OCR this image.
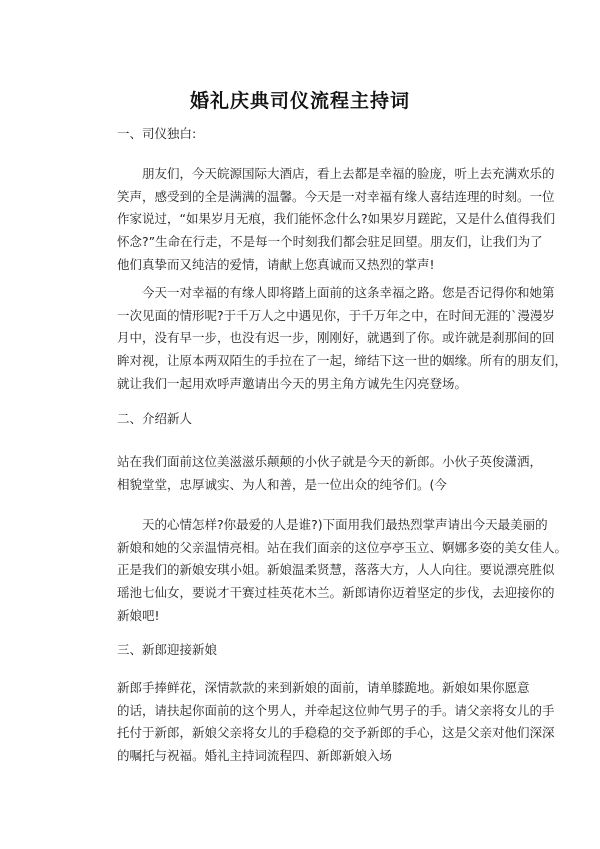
婚礼庆典司仪流程主持词
一、司仪独白:
朋友们，今天皖源国际大酒店，看上去都是幸福的脸庞，听上去充满欢乐的
笑声，感受到的全是满满的温馨。今天是一对幸福有缘人喜结连理的时刻。一位
作家说过，“如果岁月无痕，我们能怀念什么?如果岁月蹉跎，又是什么值得我们
怀念?”生命在行走，不是每一个时刻我们都会驻足回望。朋友们，让我们为了
他们真挚而又纯洁的爱情，请献上您真诚而又热烈的掌声!
今天一对幸福的有缘人即将踏上面前的这条幸福之路。您是否记得你和她第
一次见面的情形呢?于千万人之中遇见你，于千万年之中，在时间无涯的`漫漫岁
月中，没有早一步，也没有迟一步，刚刚好，就遇到了你。或许就是刹那间的回
眸对视，让原本两双陌生的手拉在了一起，缔结下这一世的姻缘。所有的朋友们，
就让我们一起用欢呼声邀请出今天的男主角方诚先生闪亮登场。
二、介绍新人
站在我们面前这位美滋滋乐颠颠的小伙子就是今天的新郎。小伙子英俊潇洒，
相貌堂堂，忠厚诚实、为人和善，是一位出众的纯爷们。(今
天的心情怎样?你最爱的人是谁?)下面用我们最热烈掌声请出今天最美丽的
新娘和她的父亲温情亮相。站在我们面亲的这位亭亭玉立、婀娜多姿的美女佳人。
正是我们的新娘安琪小姐。新娘温柔贤慧，落落大方，人人向往。要说漂亮胜似
瑶池七仙女，要说才干赛过桂英花木兰。新郎请你迈着坚定的步伐，去迎接你的
新娘吧!
三、新郎迎接新娘
新郎手捧鲜花，深情款款的来到新娘的面前，请单膝跪地。新娘如果你愿意
的话，请扶起你面前的这个男人，并牵起这位帅气男子的手。请父亲将女儿的手
托付于新郎，新娘父亲将女儿的手稳稳的交予新郎的手心，这是父亲对他们深深
的嘱托与祝福。婚礼主持词流程四、新郎新娘入场
